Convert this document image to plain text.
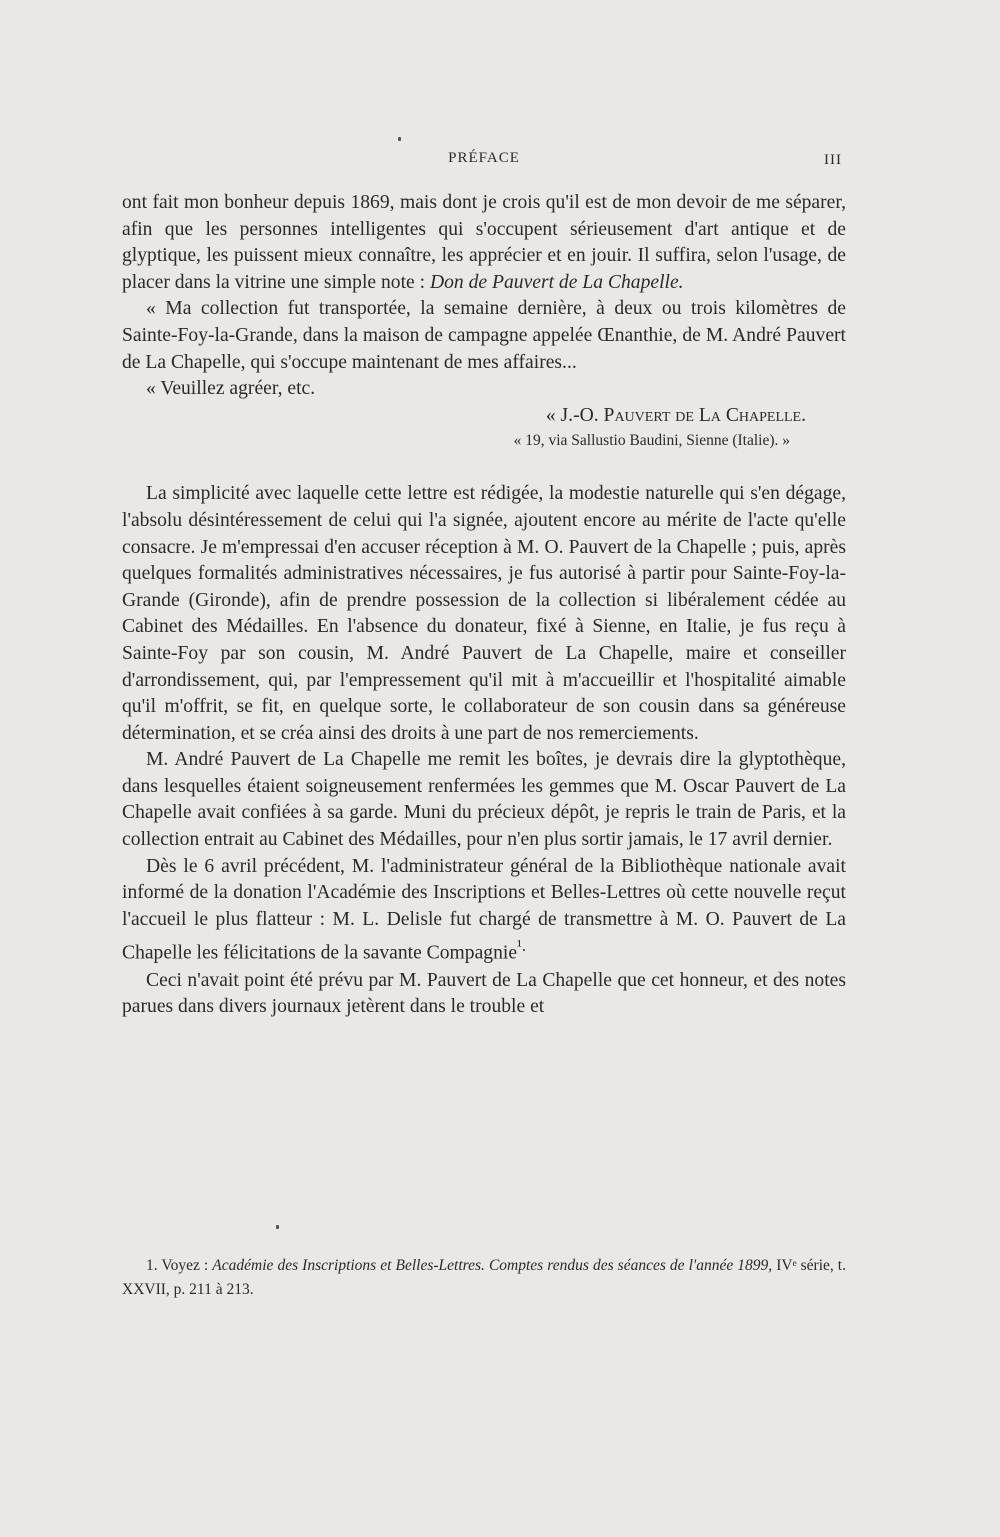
PRÉFACE	III

ont fait mon bonheur depuis 1869, mais dont je crois qu'il est de mon devoir de me séparer, afin que les personnes intelligentes qui s'occupent sérieusement d'art antique et de glyptique, les puissent mieux connaître, les apprécier et en jouir. Il suffira, selon l'usage, de placer dans la vitrine une simple note : Don de Pauvert de La Chapelle.

« Ma collection fut transportée, la semaine dernière, à deux ou trois kilomètres de Sainte-Foy-la-Grande, dans la maison de campagne appelée Œnanthie, de M. André Pauvert de La Chapelle, qui s'occupe maintenant de mes affaires...

« Veuillez agréer, etc.

« J.-O. Pauvert de La Chapelle.

« 19, via Sallustio Baudini, Sienne (Italie). »

La simplicité avec laquelle cette lettre est rédigée, la modestie naturelle qui s'en dégage, l'absolu désintéressement de celui qui l'a signée, ajoutent encore au mérite de l'acte qu'elle consacre. Je m'empressai d'en accuser réception à M. O. Pauvert de la Chapelle ; puis, après quelques formalités administratives nécessaires, je fus autorisé à partir pour Sainte-Foy-la-Grande (Gironde), afin de prendre possession de la collection si libéralement cédée au Cabinet des Médailles. En l'absence du donateur, fixé à Sienne, en Italie, je fus reçu à Sainte-Foy par son cousin, M. André Pauvert de La Chapelle, maire et conseiller d'arrondissement, qui, par l'empressement qu'il mit à m'accueillir et l'hospitalité aimable qu'il m'offrit, se fit, en quelque sorte, le collaborateur de son cousin dans sa généreuse détermination, et se créa ainsi des droits à une part de nos remerciements.

M. André Pauvert de La Chapelle me remit les boîtes, je devrais dire la glyptothèque, dans lesquelles étaient soigneusement renfermées les gemmes que M. Oscar Pauvert de La Chapelle avait confiées à sa garde. Muni du précieux dépôt, je repris le train de Paris, et la collection entrait au Cabinet des Médailles, pour n'en plus sortir jamais, le 17 avril dernier.

Dès le 6 avril précédent, M. l'administrateur général de la Bibliothèque nationale avait informé de la donation l'Académie des Inscriptions et Belles-Lettres où cette nouvelle reçut l'accueil le plus flatteur : M. L. Delisle fut chargé de transmettre à M. O. Pauvert de La Chapelle les félicitations de la savante Compagnie$^{^1.}$

Ceci n'avait point été prévu par M. Pauvert de La Chapelle que cet honneur, et des notes parues dans divers journaux jetèrent dans le trouble et

1. Voyez : Académie des Inscriptions et Belles-Lettres. Comptes rendus des séances de l'année 1899, IVᵉ série, t. XXVII, p. 211 à 213.
